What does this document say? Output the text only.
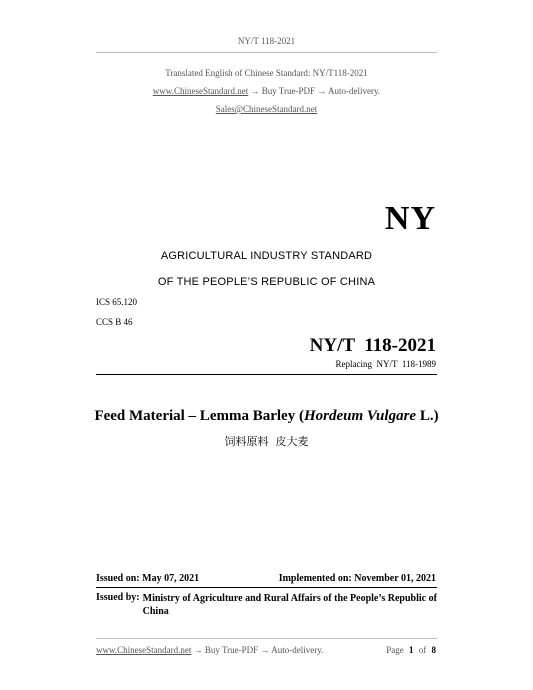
NY/T 118-2021
Translated English of Chinese Standard: NY/T118-2021
www.ChineseStandard.net → Buy True-PDF → Auto-delivery.
Sales@ChineseStandard.net
NY
AGRICULTURAL INDUSTRY STANDARD
OF THE PEOPLE’S REPUBLIC OF CHINA
ICS 65.120
CCS B 46
NY/T  118-2021
Replacing  NY/T  118-1989
Feed Material – Lemma Barley (Hordeum Vulgare L.)
饲料原料  皮大麦
Issued on: May 07, 2021	Implemented on: November 01, 2021
Issued by: Ministry of Agriculture and Rural Affairs of the People’s Republic of
China
www.ChineseStandard.net → Buy True-PDF → Auto-delivery.	Page 1 of 8
